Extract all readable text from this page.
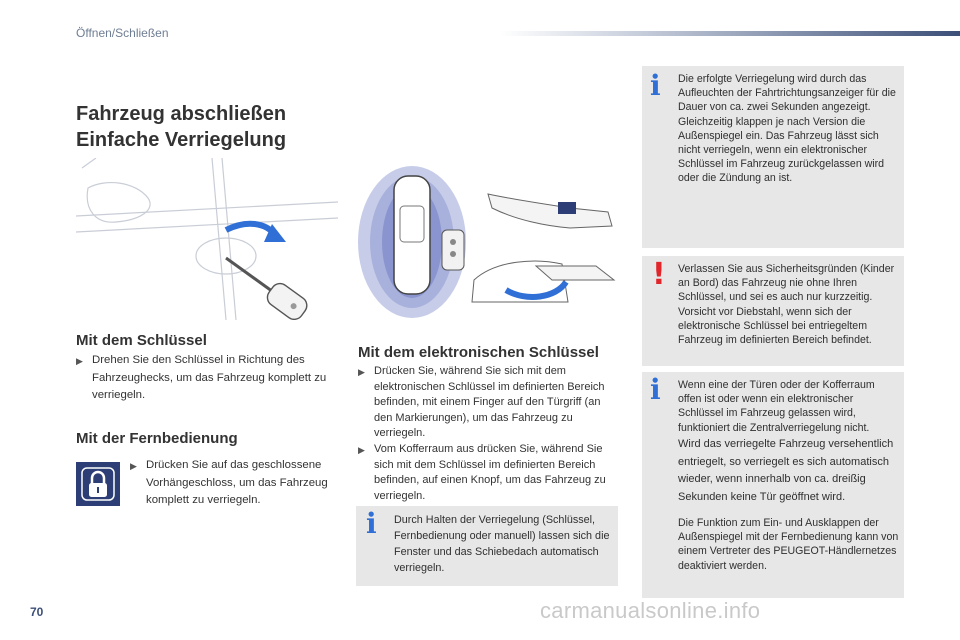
Öffnen/Schließen
Fahrzeug abschließen
Einfache Verriegelung
Mit dem Schlüssel
▶ Drehen Sie den Schlüssel in Richtung des Fahrzeughecks, um das Fahrzeug komplett zu verriegeln.
Mit der Fernbedienung
▶ Drücken Sie auf das geschlossene Vorhängeschloss, um das Fahrzeug komplett zu verriegeln.
Mit dem elektronischen Schlüssel
▶ Drücken Sie, während Sie sich mit dem elektronischen Schlüssel im definierten Bereich befinden, mit einem Finger auf den Türgriff (an den Markierungen), um das Fahrzeug zu verriegeln.
▶ Vom Kofferraum aus drücken Sie, während Sie sich mit dem Schlüssel im definierten Bereich befinden, auf einen Knopf, um das Fahrzeug zu verriegeln.
i Durch Halten der Verriegelung (Schlüssel, Fernbedienung oder manuell) lassen sich die Fenster und das Schiebedach automatisch verriegeln.
i Die erfolgte Verriegelung wird durch das Aufleuchten der Fahrtrichtungsanzeiger für die Dauer von ca. zwei Sekunden angezeigt. Gleichzeitig klappen je nach Version die Außenspiegel ein. Das Fahrzeug lässt sich nicht verriegeln, wenn ein elektronischer Schlüssel im Fahrzeug zurückgelassen wird oder die Zündung an ist.
! Verlassen Sie aus Sicherheitsgründen (Kinder an Bord) das Fahrzeug nie ohne Ihren Schlüssel, und sei es auch nur kurzzeitig. Vorsicht vor Diebstahl, wenn sich der elektronische Schlüssel bei entriegeltem Fahrzeug im definierten Bereich befindet.
i Wenn eine der Türen oder der Kofferraum offen ist oder wenn ein elektronischer Schlüssel im Fahrzeug gelassen wird, funktioniert die Zentralverriegelung nicht.
Wird das verriegelte Fahrzeug versehentlich entriegelt, so verriegelt es sich automatisch wieder, wenn innerhalb von ca. dreißig Sekunden keine Tür geöffnet wird.
Die Funktion zum Ein- und Ausklappen der Außenspiegel mit der Fernbedienung kann von einem Vertreter des PEUGEOT-Händlernetzes deaktiviert werden.
70	carmanualsonline.info
